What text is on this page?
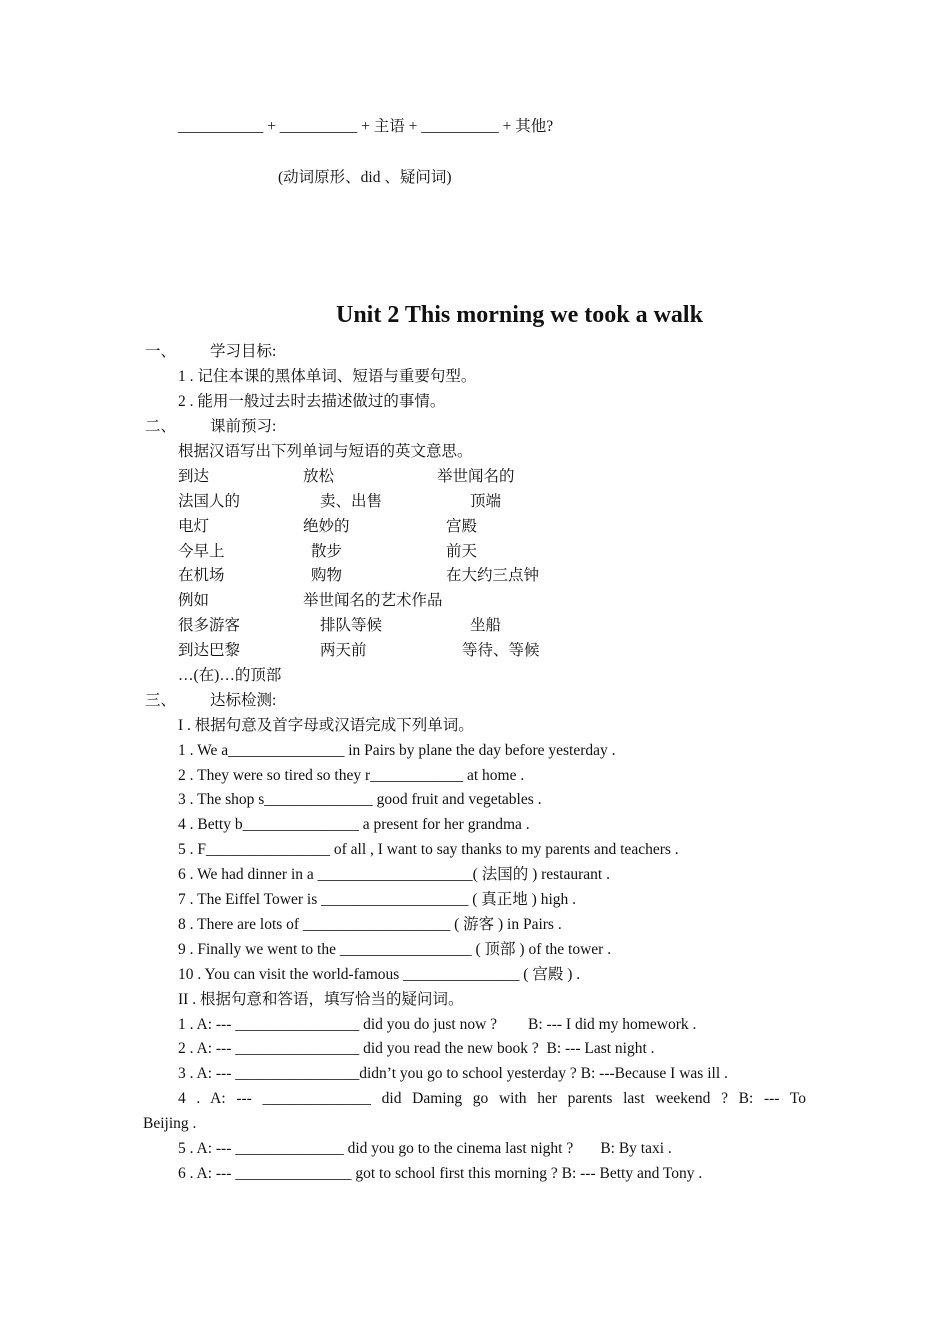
___________ + __________ + 主语 + __________ + 其他?
(动词原形、did 、疑问词)
Unit 2 This morning we took a walk
一、 学习目标:
1 . 记住本课的黑体单词、短语与重要句型。
2 . 能用一般过去时去描述做过的事情。
二、 课前预习:
根据汉语写出下列单词与短语的英文意思。
到达	放松	举世闻名的
法国人的	卖、出售	顶端
电灯	绝妙的	宫殿
今早上	散步	前天
在机场	购物	在大约三点钟
例如	举世闻名的艺术作品
很多游客	排队等候	坐船
到达巴黎	两天前	等待、等候
…(在)…的顶部
三、 达标检测:
I . 根据句意及首字母或汉语完成下列单词。
1 . We a_______________ in Pairs by plane the day before yesterday .
2 . They were so tired so they r____________ at home .
3 . The shop s______________ good fruit and vegetables .
4 . Betty b_______________ a present for her grandma .
5 . F________________ of all , I want to say thanks to my parents and teachers .
6 . We had dinner in a ____________________( 法国的 ) restaurant .
7 . The Eiffel Tower is ___________________ ( 真正地 ) high .
8 . There are lots of ___________________ ( 游客 ) in Pairs .
9 . Finally we went to the _________________ ( 顶部 ) of the tower .
10 . You can visit the world-famous _______________ ( 宫殿 ) .
II . 根据句意和答语，填写恰当的疑问词。
1 . A: --- ________________ did you do just now ?        B: --- I did my homework .
2 . A: --- ________________ did you read the new book ?  B: --- Last night .
3 . A: --- ________________didn’t you go to school yesterday ? B: ---Because I was ill .
4 . A: --- ______________ did Daming go with her parents last weekend ? B: --- To
Beijing .
5 . A: --- ______________ did you go to the cinema last night ?       B: By taxi .
6 . A: --- _______________ got to school first this morning ? B: --- Betty and Tony .
